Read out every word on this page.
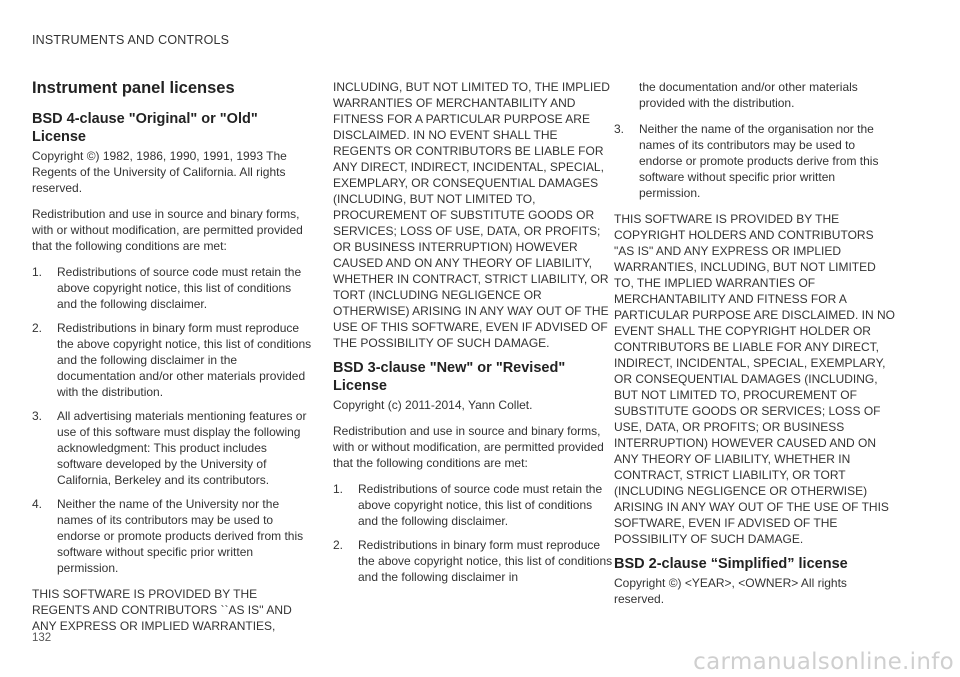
INSTRUMENTS AND CONTROLS
Instrument panel licenses
BSD 4-clause "Original" or "Old" License

Copyright ©) 1982, 1986, 1990, 1991, 1993 The Regents of the University of California. All rights reserved.

Redistribution and use in source and binary forms, with or without modification, are permitted provided that the following conditions are met:

1. Redistributions of source code must retain the above copyright notice, this list of conditions and the following disclaimer.
2. Redistributions in binary form must reproduce the above copyright notice, this list of conditions and the following disclaimer in the documentation and/or other materials provided with the distribution.
3. All advertising materials mentioning features or use of this software must display the following acknowledgment: This product includes software developed by the University of California, Berkeley and its contributors.
4. Neither the name of the University nor the names of its contributors may be used to endorse or promote products derived from this software without specific prior written permission.

THIS SOFTWARE IS PROVIDED BY THE REGENTS AND CONTRIBUTORS ``AS IS'' AND ANY EXPRESS OR IMPLIED WARRANTIES,

INCLUDING, BUT NOT LIMITED TO, THE IMPLIED WARRANTIES OF MERCHANTABILITY AND FITNESS FOR A PARTICULAR PURPOSE ARE DISCLAIMED. IN NO EVENT SHALL THE REGENTS OR CONTRIBUTORS BE LIABLE FOR ANY DIRECT, INDIRECT, INCIDENTAL, SPECIAL, EXEMPLARY, OR CONSEQUENTIAL DAMAGES (INCLUDING, BUT NOT LIMITED TO, PROCUREMENT OF SUBSTITUTE GOODS OR SERVICES; LOSS OF USE, DATA, OR PROFITS; OR BUSINESS INTERRUPTION) HOWEVER CAUSED AND ON ANY THEORY OF LIABILITY, WHETHER IN CONTRACT, STRICT LIABILITY, OR TORT (INCLUDING NEGLIGENCE OR OTHERWISE) ARISING IN ANY WAY OUT OF THE USE OF THIS SOFTWARE, EVEN IF ADVISED OF THE POSSIBILITY OF SUCH DAMAGE.

BSD 3-clause "New" or "Revised" License

Copyright (c) 2011-2014, Yann Collet.

Redistribution and use in source and binary forms, with or without modification, are permitted provided that the following conditions are met:

1. Redistributions of source code must retain the above copyright notice, this list of conditions and the following disclaimer.
2. Redistributions in binary form must reproduce the above copyright notice, this list of conditions and the following disclaimer in

the documentation and/or other materials provided with the distribution.

3. Neither the name of the organisation nor the names of its contributors may be used to endorse or promote products derive from this software without specific prior written permission.

THIS SOFTWARE IS PROVIDED BY THE COPYRIGHT HOLDERS AND CONTRIBUTORS "AS IS" AND ANY EXPRESS OR IMPLIED WARRANTIES, INCLUDING, BUT NOT LIMITED TO, THE IMPLIED WARRANTIES OF MERCHANTABILITY AND FITNESS FOR A PARTICULAR PURPOSE ARE DISCLAIMED. IN NO EVENT SHALL THE COPYRIGHT HOLDER OR CONTRIBUTORS BE LIABLE FOR ANY DIRECT, INDIRECT, INCIDENTAL, SPECIAL, EXEMPLARY, OR CONSEQUENTIAL DAMAGES (INCLUDING, BUT NOT LIMITED TO, PROCUREMENT OF SUBSTITUTE GOODS OR SERVICES; LOSS OF USE, DATA, OR PROFITS; OR BUSINESS INTERRUPTION) HOWEVER CAUSED AND ON ANY THEORY OF LIABILITY, WHETHER IN CONTRACT, STRICT LIABILITY, OR TORT (INCLUDING NEGLIGENCE OR OTHERWISE) ARISING IN ANY WAY OUT OF THE USE OF THIS SOFTWARE, EVEN IF ADVISED OF THE POSSIBILITY OF SUCH DAMAGE.

BSD 2-clause “Simplified” license

Copyright ©) <YEAR>, <OWNER> All rights reserved.

132
carmanualsonline.info
